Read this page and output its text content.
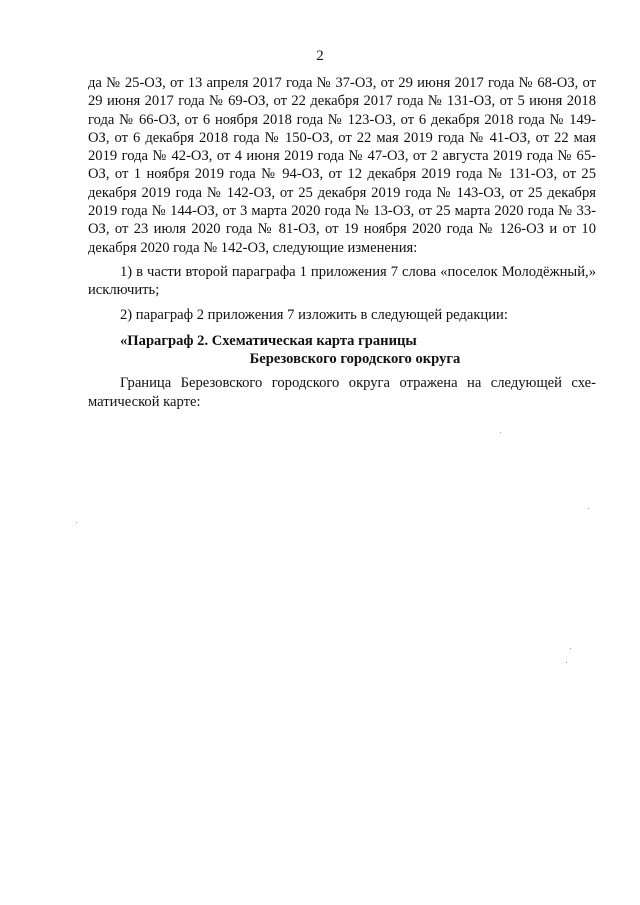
2

да № 25-ОЗ, от 13 апреля 2017 года № 37-ОЗ, от 29 июня 2017 года № 68-ОЗ, от 29 июня 2017 года № 69-ОЗ, от 22 декабря 2017 года № 131-ОЗ, от 5 июня 2018 года № 66-ОЗ, от 6 ноября 2018 года № 123-ОЗ, от 6 декабря 2018 года № 149-ОЗ, от 6 декабря 2018 года № 150-ОЗ, от 22 мая 2019 года № 41-ОЗ, от 22 мая 2019 года № 42-ОЗ, от 4 июня 2019 года № 47-ОЗ, от 2 августа 2019 года № 65-ОЗ, от 1 ноября 2019 года № 94-ОЗ, от 12 декабря 2019 года № 131-ОЗ, от 25 декабря 2019 года № 142-ОЗ, от 25 декабря 2019 года № 143-ОЗ, от 25 декабря 2019 года № 144-ОЗ, от 3 марта 2020 года № 13-ОЗ, от 25 марта 2020 года № 33-ОЗ, от 23 июля 2020 года № 81-ОЗ, от 19 ноября 2020 года № 126-ОЗ и от 10 декабря 2020 года № 142-ОЗ, следующие изменения:

1) в части второй параграфа 1 приложения 7 слова «поселок Молодёжный,» исключить;

2) параграф 2 приложения 7 изложить в следующей редакции:

«Параграф 2. Схематическая карта границы
Березовского городского округа

Граница Березовского городского округа отражена на следующей схематической карте:
